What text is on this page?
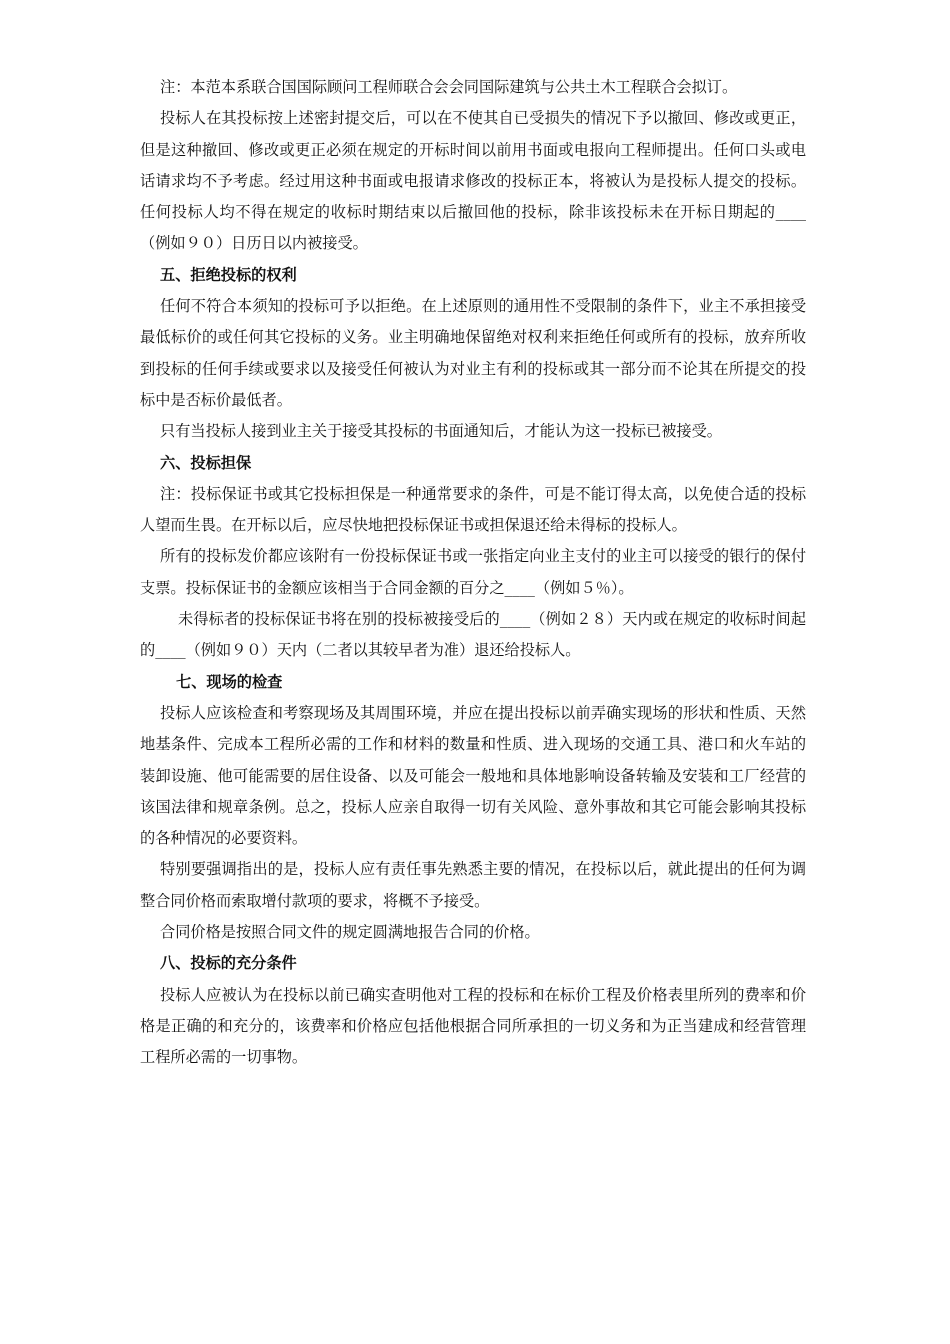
注：本范本系联合国国际顾问工程师联合会会同国际建筑与公共土木工程联合会拟订。

投标人在其投标按上述密封提交后，可以在不使其自已受损失的情况下予以撤回、修改或更正，但是这种撤回、修改或更正必须在规定的开标时间以前用书面或电报向工程师提出。任何口头或电话请求均不予考虑。经过用这种书面或电报请求修改的投标正本，将被认为是投标人提交的投标。任何投标人均不得在规定的收标时期结束以后撤回他的投标，除非该投标未在开标日期起的____（例如９０）日历日以内被接受。

五、拒绝投标的权利

任何不符合本须知的投标可予以拒绝。在上述原则的通用性不受限制的条件下，业主不承担接受最低标价的或任何其它投标的义务。业主明确地保留绝对权利来拒绝任何或所有的投标，放弃所收到投标的任何手续或要求以及接受任何被认为对业主有利的投标或其一部分而不论其在所提交的投标中是否标价最低者。

只有当投标人接到业主关于接受其投标的书面通知后，才能认为这一投标已被接受。

六、投标担保

注：投标保证书或其它投标担保是一种通常要求的条件，可是不能订得太高，以免使合适的投标人望而生畏。在开标以后，应尽快地把投标保证书或担保退还给未得标的投标人。

所有的投标发价都应该附有一份投标保证书或一张指定向业主支付的业主可以接受的银行的保付支票。投标保证书的金额应该相当于合同金额的百分之____（例如５％）。

未得标者的投标保证书将在别的投标被接受后的____（例如２８）天内或在规定的收标时间起的____（例如９０）天内（二者以其较早者为准）退还给投标人。

七、现场的检查

投标人应该检查和考察现场及其周围环境，并应在提出投标以前弄确实现场的形状和性质、天然地基条件、完成本工程所必需的工作和材料的数量和性质、进入现场的交通工具、港口和火车站的装卸设施、他可能需要的居住设备、以及可能会一般地和具体地影响设备转输及安装和工厂经营的该国法律和规章条例。总之，投标人应亲自取得一切有关风险、意外事故和其它可能会影响其投标的各种情况的必要资料。

特别要强调指出的是，投标人应有责任事先熟悉主要的情况，在投标以后，就此提出的任何为调整合同价格而索取增付款项的要求，将概不予接受。

合同价格是按照合同文件的规定圆满地报告合同的价格。

八、投标的充分条件

投标人应被认为在投标以前已确实查明他对工程的投标和在标价工程及价格表里所列的费率和价格是正确的和充分的，该费率和价格应包括他根据合同所承担的一切义务和为正当建成和经营管理工程所必需的一切事物。
